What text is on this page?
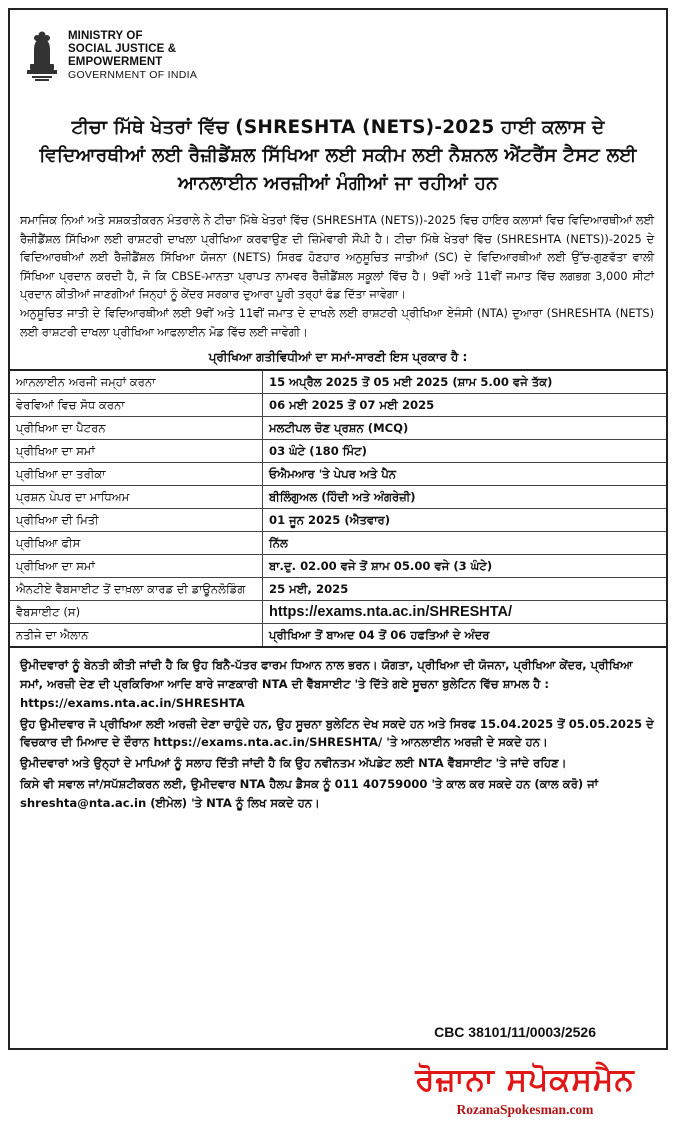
MINISTRY OF
SOCIAL JUSTICE &
EMPOWERMENT
GOVERNMENT OF INDIA
ਟੀਚਾ ਮਿੱਥੇ ਖੇਤਰਾਂ ਵਿੱਚ (SHRESHTA (NETS)-2025 ਹਾਈ ਕਲਾਸ ਦੇ ਵਿਦਿਆਰਥੀਆਂ ਲਈ ਰੈਜ਼ੀਡੈਂਸ਼ਲ ਸਿੱਖਿਆ ਲਈ ਸਕੀਮ ਲਈ ਨੈਸ਼ਨਲ ਐਂਟਰੈਂਸ ਟੈਸਟ ਲਈ ਆਨਲਾਈਨ ਅਰਜ਼ੀਆਂ ਮੰਗੀਆਂ ਜਾ ਰਹੀਆਂ ਹਨ

ਸਮਾਜਿਕ ਨਿਆਂ ਅਤੇ ਸਸ਼ਕਤੀਕਰਨ ਮੰਤਰਾਲੇ ਨੇ ਟੀਚਾ ਮਿੱਥੇ ਖੇਤਰਾਂ ਵਿੱਚ (SHRESHTA (NETS))-2025 ਵਿਚ ਹਾਇਰ ਕਲਾਸਾਂ ਵਿਚ ਵਿਦਿਆਰਥੀਆਂ ਲਈ ਰੈਜ਼ੀਡੈਂਸ਼ਲ ਸਿੱਖਿਆ ਲਈ ਰਾਸ਼ਟਰੀ ਦਾਖਲਾ ਪ੍ਰੀਖਿਆ ਕਰਵਾਉਣ ਦੀ ਜ਼ਿੰਮੇਵਾਰੀ ਸੌਂਪੀ ਹੈ। ਟੀਚਾ ਮਿੱਥੇ ਖੇਤਰਾਂ ਵਿੱਚ (SHRESHTA (NETS))-2025 ਦੇ ਵਿਦਿਆਰਥੀਆਂ ਲਈ ਰੈਜ਼ੀਡੈਂਸ਼ਲ ਸਿੱਖਿਆ ਯੋਜਨਾ (NETS) ਸਿਰਫ ਹੋਣਹਾਰ ਅਨੁਸੂਚਿਤ ਜਾਤੀਆਂ (SC) ਦੇ ਵਿਦਿਆਰਥੀਆਂ ਲਈ ਉੱਚ-ਗੁਣਵੱਤਾ ਵਾਲੀ ਸਿੱਖਿਆ ਪ੍ਰਦਾਨ ਕਰਦੀ ਹੈ, ਜੋ ਕਿ CBSE-ਮਾਨਤਾ ਪ੍ਰਾਪਤ ਨਾਮਵਰ ਰੈਜ਼ੀਡੈਂਸ਼ਲ ਸਕੂਲਾਂ ਵਿੱਚ ਹੈ। 9ਵੀਂ ਅਤੇ 11ਵੀਂ ਜਮਾਤ ਵਿੱਚ ਲਗਭਗ 3,000 ਸੀਟਾਂ ਪ੍ਰਦਾਨ ਕੀਤੀਆਂ ਜਾਣਗੀਆਂ ਜਿਨ੍ਹਾਂ ਨੂੰ ਕੇਂਦਰ ਸਰਕਾਰ ਦੁਆਰਾ ਪੂਰੀ ਤਰ੍ਹਾਂ ਫੰਡ ਦਿੱਤਾ ਜਾਵੇਗਾ।

ਅਨੁਸੂਚਿਤ ਜਾਤੀ ਦੇ ਵਿਦਿਆਰਥੀਆਂ ਲਈ 9ਵੀਂ ਅਤੇ 11ਵੀਂ ਜਮਾਤ ਦੇ ਦਾਖਲੇ ਲਈ ਰਾਸ਼ਟਰੀ ਪ੍ਰੀਖਿਆ ਏਜੰਸੀ (NTA) ਦੁਆਰਾ (SHRESHTA (NETS) ਲਈ ਰਾਸ਼ਟਰੀ ਦਾਖਲਾ ਪ੍ਰੀਖਿਆ ਆਫਲਾਈਨ ਮੋਡ ਵਿੱਚ ਲਈ ਜਾਵੇਗੀ।

ਪ੍ਰੀਖਿਆ ਗਤੀਵਿਧੀਆਂ ਦਾ ਸਮਾਂ-ਸਾਰਣੀ ਇਸ ਪ੍ਰਕਾਰ ਹੈ :
ਆਨਲਾਈਨ ਅਰਜੀ ਜਮ੍ਹਾਂ ਕਰਨਾ	15 ਅਪ੍ਰੈਲ 2025 ਤੋਂ 05 ਮਈ 2025 (ਸ਼ਾਮ 5.00 ਵਜੇ ਤੱਕ)
ਵੇਰਵਿਆਂ ਵਿਚ ਸੋਧ ਕਰਨਾ	06 ਮਈ 2025 ਤੋਂ 07 ਮਈ 2025
ਪ੍ਰੀਖਿਆ ਦਾ ਪੈਟਰਨ	ਮਲਟੀਪਲ ਚੋਣ ਪ੍ਰਸ਼ਨ (MCQ)
ਪ੍ਰੀਖਿਆ ਦਾ ਸਮਾਂ	03 ਘੰਟੇ (180 ਮਿੰਟ)
ਪ੍ਰੀਖਿਆ ਦਾ ਤਰੀਕਾ	ਓਐਮਆਰ 'ਤੇ ਪੇਪਰ ਅਤੇ ਪੈਨ
ਪ੍ਰਸ਼ਨ ਪੇਪਰ ਦਾ ਮਾਧਿਅਮ	ਬੀਲਿੰਗੁਅਲ (ਹਿੰਦੀ ਅਤੇ ਅੰਗਰੇਜ਼ੀ)
ਪ੍ਰੀਖਿਆ ਦੀ ਮਿਤੀ	01 ਜੂਨ 2025 (ਐਤਵਾਰ)
ਪ੍ਰੀਖਿਆ ਫੀਸ	ਨਿੱਲ
ਪ੍ਰੀਖਿਆ ਦਾ ਸਮਾਂ	ਬਾ.ਦੁ. 02.00 ਵਜੇ ਤੋਂ ਸ਼ਾਮ 05.00 ਵਜੇ (3 ਘੰਟੇ)
ਐਨਟੀਏ ਵੈਬਸਾਈਟ ਤੋਂ ਦਾਖ਼ਲਾ ਕਾਰਡ ਦੀ ਡਾਊਨਲੋਡਿੰਗ	25 ਮਈ, 2025
ਵੈਬਸਾਈਟ (ਸ)	https://exams.nta.ac.in/SHRESHTA/
ਨਤੀਜੇ ਦਾ ਐਲਾਨ	ਪ੍ਰੀਖਿਆ ਤੋਂ ਬਾਅਦ 04 ਤੋਂ 06 ਹਫਤਿਆਂ ਦੇ ਅੰਦਰ

ਉਮੀਦਵਾਰਾਂ ਨੂੰ ਬੇਨਤੀ ਕੀਤੀ ਜਾਂਦੀ ਹੈ ਕਿ ਉਹ ਬਿਨੈ-ਪੱਤਰ ਫਾਰਮ ਧਿਆਨ ਨਾਲ ਭਰਨ। ਯੋਗਤਾ, ਪ੍ਰੀਖਿਆ ਦੀ ਯੋਜਨਾ, ਪ੍ਰੀਖਿਆ ਕੇਂਦਰ, ਪ੍ਰੀਖਿਆ ਸਮਾਂ, ਅਰਜ਼ੀ ਦੇਣ ਦੀ ਪ੍ਰਕਿਰਿਆ ਆਦਿ ਬਾਰੇ ਜਾਣਕਾਰੀ NTA ਦੀ ਵੈੱਬਸਾਈਟ 'ਤੇ ਦਿੱਤੇ ਗਏ ਸੂਚਨਾ ਬੁਲੇਟਿਨ ਵਿੱਚ ਸ਼ਾਮਲ ਹੈ : https://exams.nta.ac.in/SHRESHTA

ਉਹ ਉਮੀਦਵਾਰ ਜੋ ਪ੍ਰੀਖਿਆ ਲਈ ਅਰਜ਼ੀ ਦੇਣਾ ਚਾਹੁੰਦੇ ਹਨ, ਉਹ ਸੂਚਨਾ ਬੁਲੇਟਿਨ ਦੇਖ ਸਕਦੇ ਹਨ ਅਤੇ ਸਿਰਫ 15.04.2025 ਤੋਂ 05.05.2025 ਦੇ ਵਿਚਕਾਰ ਦੀ ਮਿਆਦ ਦੇ ਦੌਰਾਨ https://exams.nta.ac.in/SHRESHTA/ 'ਤੇ ਆਨਲਾਈਨ ਅਰਜ਼ੀ ਦੇ ਸਕਦੇ ਹਨ।

ਉਮੀਦਵਾਰਾਂ ਅਤੇ ਉਨ੍ਹਾਂ ਦੇ ਮਾਪਿਆਂ ਨੂੰ ਸਲਾਹ ਦਿੱਤੀ ਜਾਂਦੀ ਹੈ ਕਿ ਉਹ ਨਵੀਨਤਮ ਅੱਪਡੇਟ ਲਈ NTA ਵੈੱਬਸਾਈਟ 'ਤੇ ਜਾਂਦੇ ਰਹਿਣ।

ਕਿਸੇ ਵੀ ਸਵਾਲ ਜਾਂ/ਸਪੱਸ਼ਟੀਕਰਨ ਲਈ, ਉਮੀਦਵਾਰ NTA ਹੈਲਪ ਡੈਸਕ ਨੂੰ 011 40759000 'ਤੇ ਕਾਲ ਕਰ ਸਕਦੇ ਹਨ (ਕਾਲ ਕਰੋ) ਜਾਂ shreshta@nta.ac.in (ਈਮੇਲ) 'ਤੇ NTA ਨੂੰ ਲਿਖ ਸਕਦੇ ਹਨ।

CBC 38101/11/0003/2526
ਰੋਜ਼ਾਨਾ ਸਪੋਕਸਮੈਨ
RozanaSpokesman.com
